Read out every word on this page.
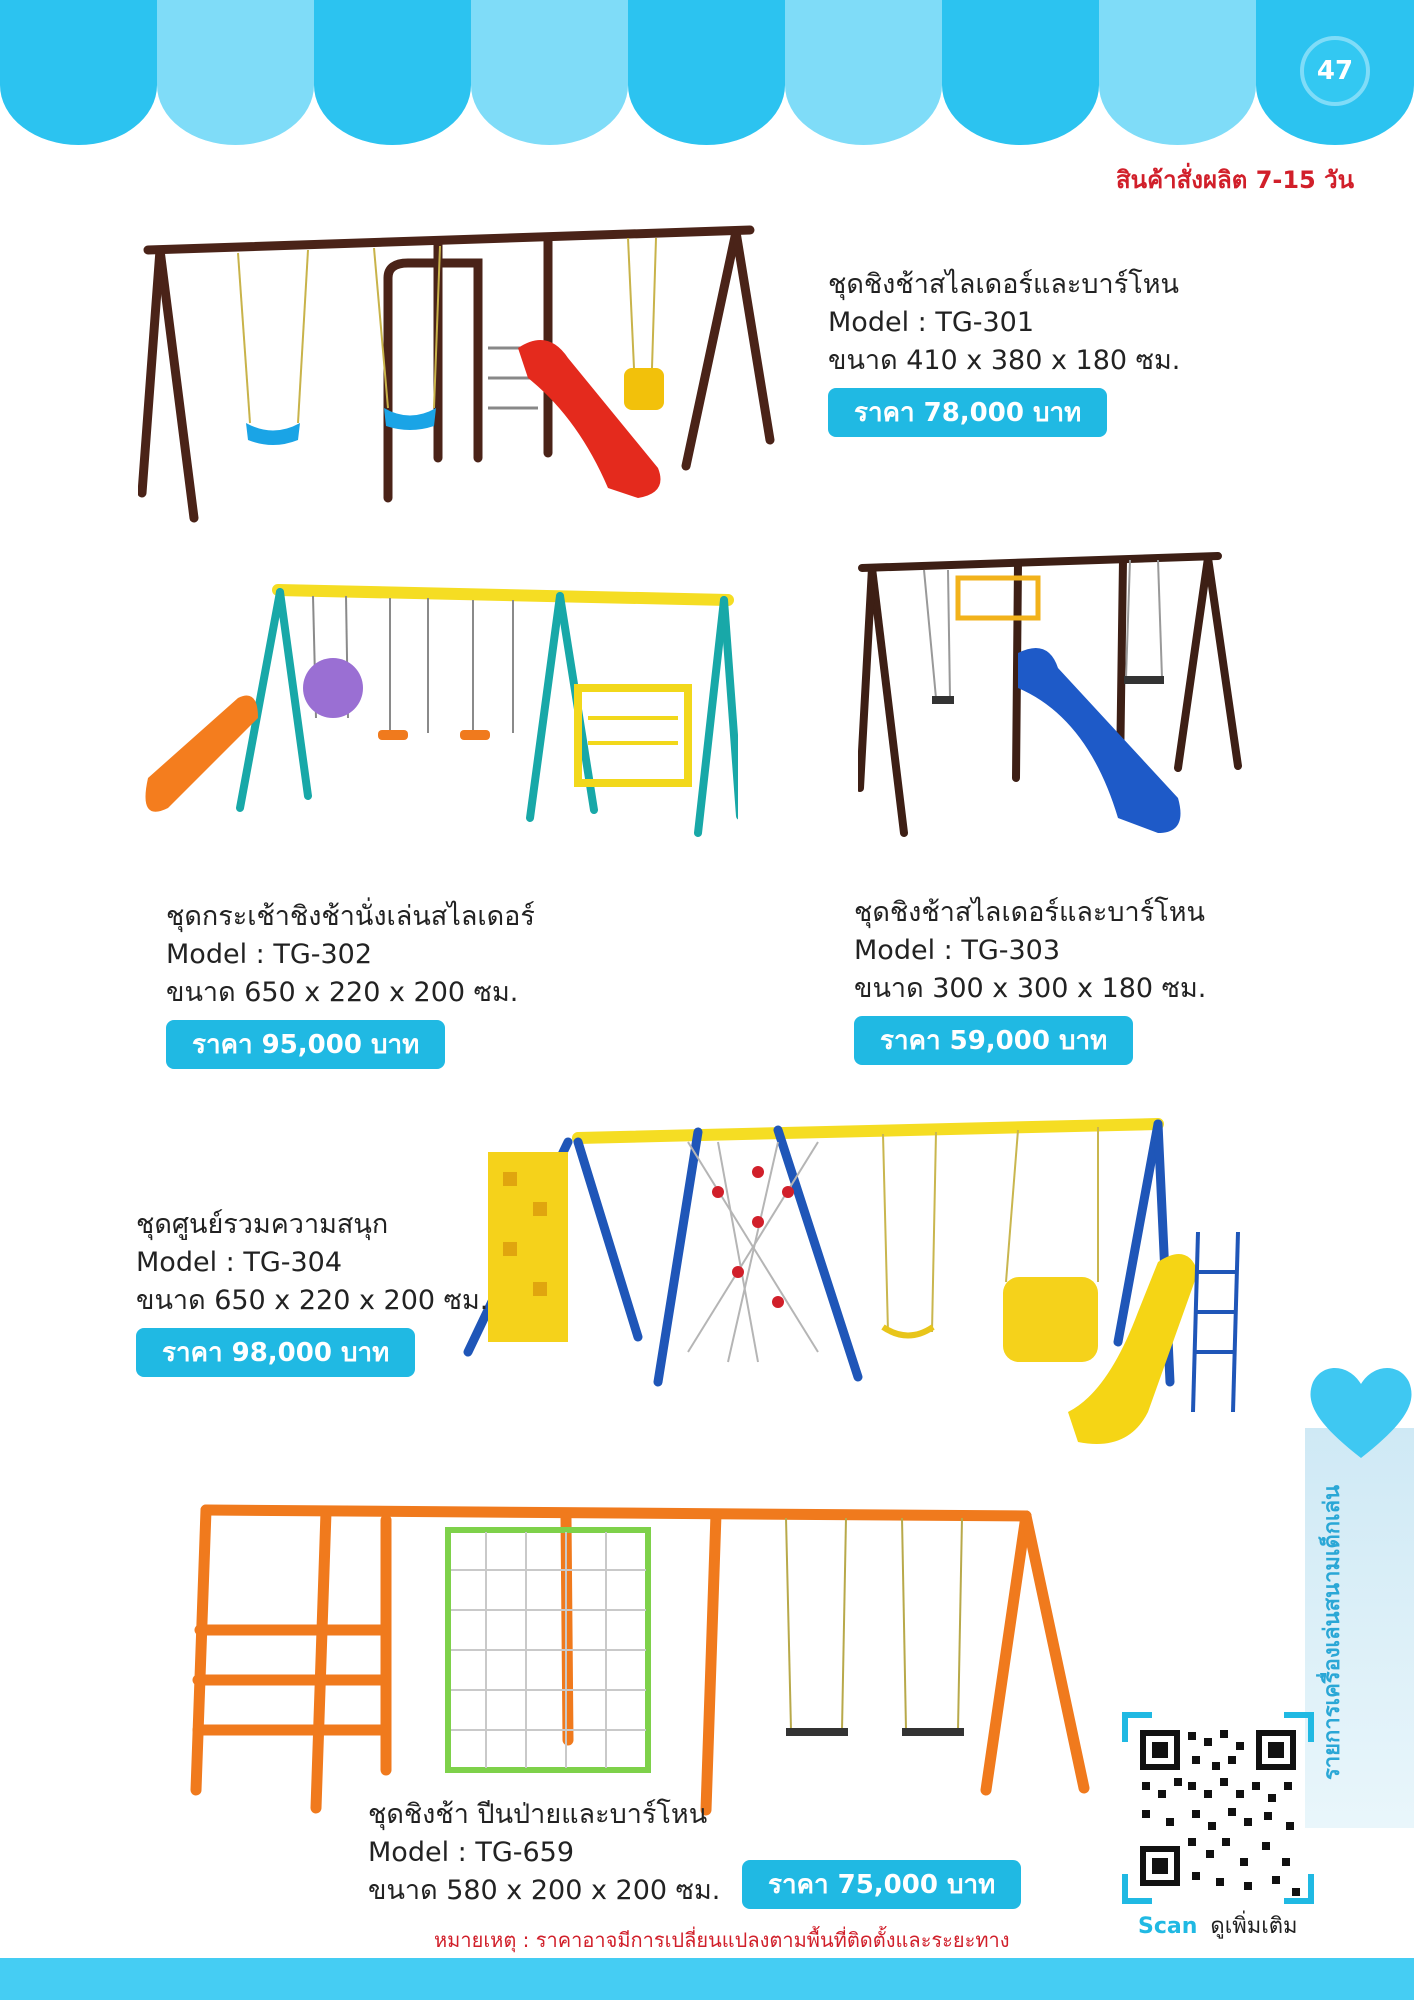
47
สินค้าสั่งผลิต 7-15 วัน
ชุดชิงช้าสไลเดอร์และบาร์โหน
Model : TG-301
ขนาด 410 x 380 x 180 ซม.
ราคา 78,000 บาท
ชุดกระเช้าชิงช้านั่งเล่นสไลเดอร์
Model : TG-302
ขนาด 650 x 220 x 200 ซม.
ราคา 95,000 บาท
ชุดชิงช้าสไลเดอร์และบาร์โหน
Model : TG-303
ขนาด 300 x 300 x 180 ซม.
ราคา 59,000 บาท
ชุดศูนย์รวมความสนุก
Model : TG-304
ขนาด 650 x 220 x 200 ซม.
ราคา 98,000 บาท
ชุดชิงช้า ปีนป่ายและบาร์โหน
Model : TG-659
ขนาด 580 x 200 x 200 ซม.	ราคา 75,000 บาท
รายการเครื่องเล่นสนามเด็กเล่น
Scan ดูเพิ่มเติม
หมายเหตุ : ราคาอาจมีการเปลี่ยนแปลงตามพื้นที่ติดตั้งและระยะทาง
